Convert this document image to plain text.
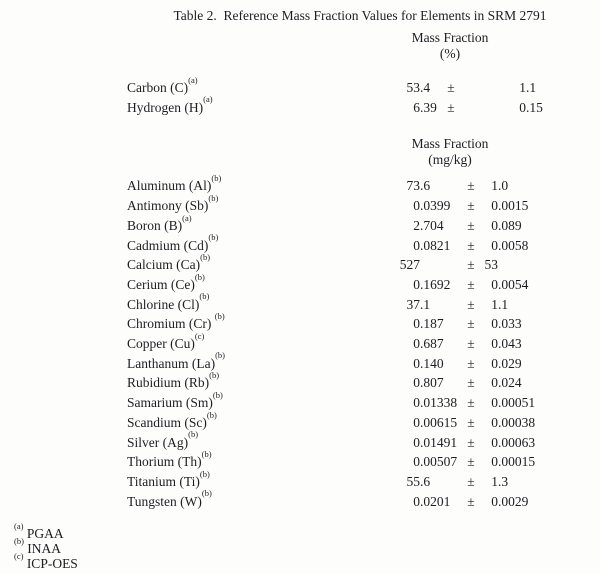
Table 2.  Reference Mass Fraction Values for Elements in SRM 2791
Mass Fraction
(%)
Carbon $(C)^{(a)}$
53 .4	±	1 .1
Hydrogen $(H)^{(a)}$
6 .39 ±	0 .15
Mass Fraction
(mg/kg)
Aluminum $(Al)^{(b)}$
73 .6	±	1 .0
Antimony $(Sb)^{(b)}$
0 .0399	±	0 .0015
Boron $(B)^{(a)}$
2 .704	±	0 .089
Cadmium $(Cd)^{(b)}$
0 .0821	±	0 .0058
Calcium $(Ca)^{(b)}$
527	± 53
Cerium $(Ce)^{(b)}$
0 .1692	±	0 .0054
Chlorine $(Cl)^{(b)}$
37 .1	±	1 .1
Chromium (Cr) $^{(b)}$
0 .187	±	0 .033
Copper $(Cu)^{(c)}$
0 .687	±	0 .043
Lanthanum $(La)^{(b)}$
0 .140	±	0 .029
Rubidium $(Rb)^{(b)}$
0 .807	±	0 .024
Samarium $(Sm)^{(b)}$
0 .01338 ±	0 .00051
Scandium $(Sc)^{(b)}$
0 .00615 ±	0 .00038
Silver $(Ag)^{(b)}$
0 .01491 ±	0 .00063
Thorium $(Th)^{(b)}$
0 .00507 ±	0 .00015
Titanium $(Ti)^{(b)}$
55 .6	±	1 .3
Tungsten $(W)^{(b)}$
0 .0201	±	0 .0029
$^{(a)}$ PGAA
$^{(b)}$ INAA
$^{(c)}$ ICP-OES
